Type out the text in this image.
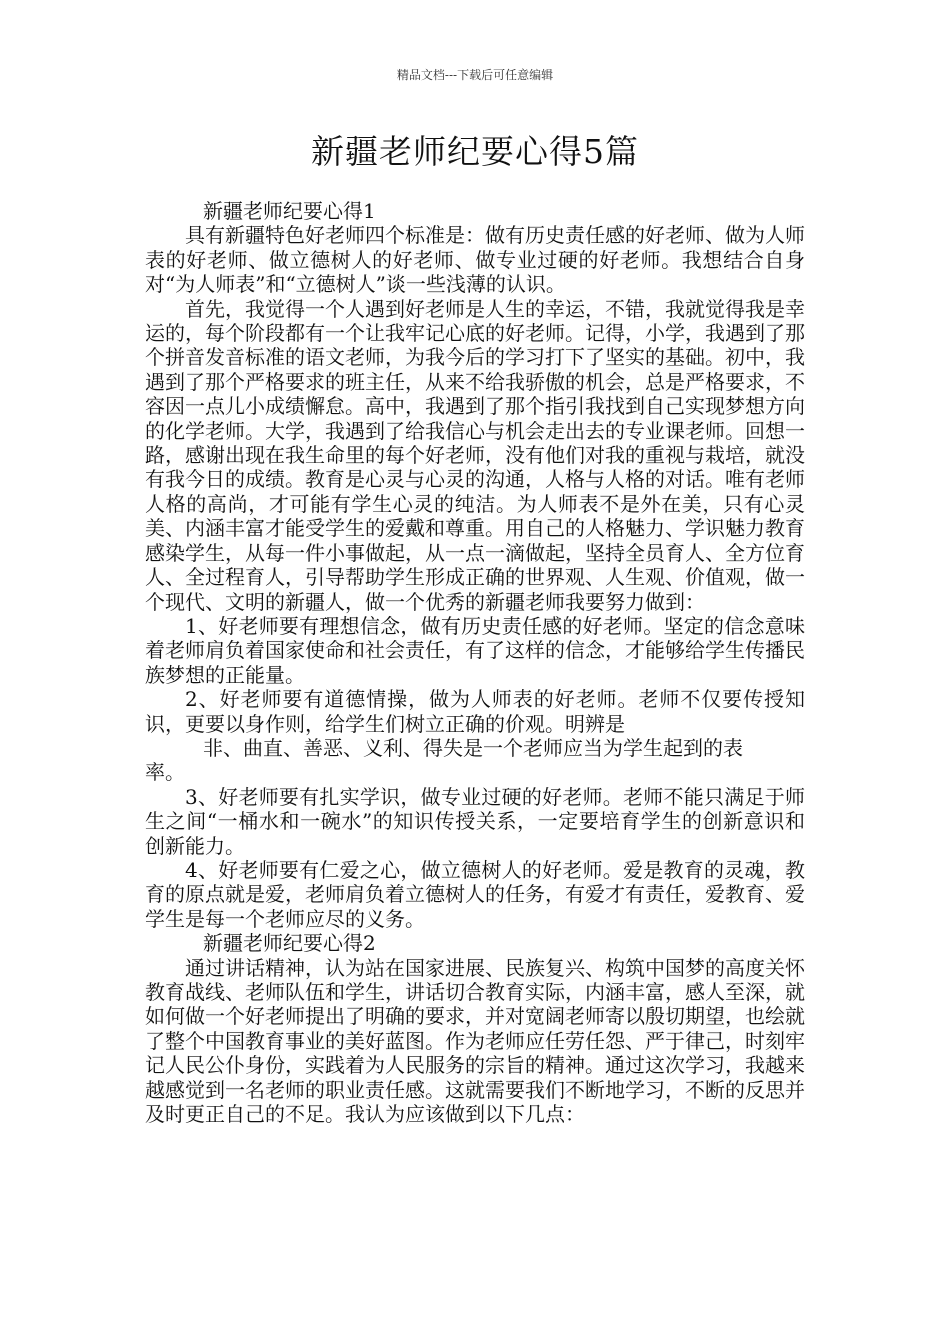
精品文档---下载后可任意编辑
新疆老师纪要心得5篇

新疆老师纪要心得1

具有新疆特色好老师四个标准是：做有历史责任感的好老师、做为人师表的好老师、做立德树人的好老师、做专业过硬的好老师。我想结合自身对“为人师表”和“立德树人”谈一些浅薄的认识。

首先，我觉得一个人遇到好老师是人生的幸运，不错，我就觉得我是幸运的，每个阶段都有一个让我牢记心底的好老师。记得，小学，我遇到了那个拼音发音标准的语文老师，为我今后的学习打下了坚实的基础。初中，我遇到了那个严格要求的班主任，从来不给我骄傲的机会，总是严格要求，不容因一点儿小成绩懈怠。高中，我遇到了那个指引我找到自己实现梦想方向的化学老师。大学，我遇到了给我信心与机会走出去的专业课老师。回想一路，感谢出现在我生命里的每个好老师，没有他们对我的重视与栽培，就没有我今日的成绩。教育是心灵与心灵的沟通，人格与人格的对话。唯有老师人格的高尚，才可能有学生心灵的纯洁。为人师表不是外在美，只有心灵美、内涵丰富才能受学生的爱戴和尊重。用自己的人格魅力、学识魅力教育感染学生，从每一件小事做起，从一点一滴做起，坚持全员育人、全方位育人、全过程育人，引导帮助学生形成正确的世界观、人生观、价值观，做一个现代、文明的新疆人，做一个优秀的新疆老师我要努力做到：

1、好老师要有理想信念，做有历史责任感的好老师。坚定的信念意味着老师肩负着国家使命和社会责任，有了这样的信念，才能够给学生传播民族梦想的正能量。

2、好老师要有道德情操，做为人师表的好老师。老师不仅要传授知识，更要以身作则，给学生们树立正确的价观。明辨是

非、曲直、善恶、义利、得失是一个老师应当为学生起到的表

率。

3、好老师要有扎实学识，做专业过硬的好老师。老师不能只满足于师生之间“一桶水和一碗水”的知识传授关系，一定要培育学生的创新意识和创新能力。

4、好老师要有仁爱之心，做立德树人的好老师。爱是教育的灵魂，教育的原点就是爱，老师肩负着立德树人的任务，有爱才有责任，爱教育、爱学生是每一个老师应尽的义务。

新疆老师纪要心得2

通过讲话精神，认为站在国家进展、民族复兴、构筑中国梦的高度关怀教育战线、老师队伍和学生，讲话切合教育实际，内涵丰富，感人至深，就如何做一个好老师提出了明确的要求，并对宽阔老师寄以殷切期望，也绘就了整个中国教育事业的美好蓝图。作为老师应任劳任怨、严于律己，时刻牢记人民公仆身份，实践着为人民服务的宗旨的精神。通过这次学习，我越来越感觉到一名老师的职业责任感。这就需要我们不断地学习，不断的反思并及时更正自己的不足。我认为应该做到以下几点：
